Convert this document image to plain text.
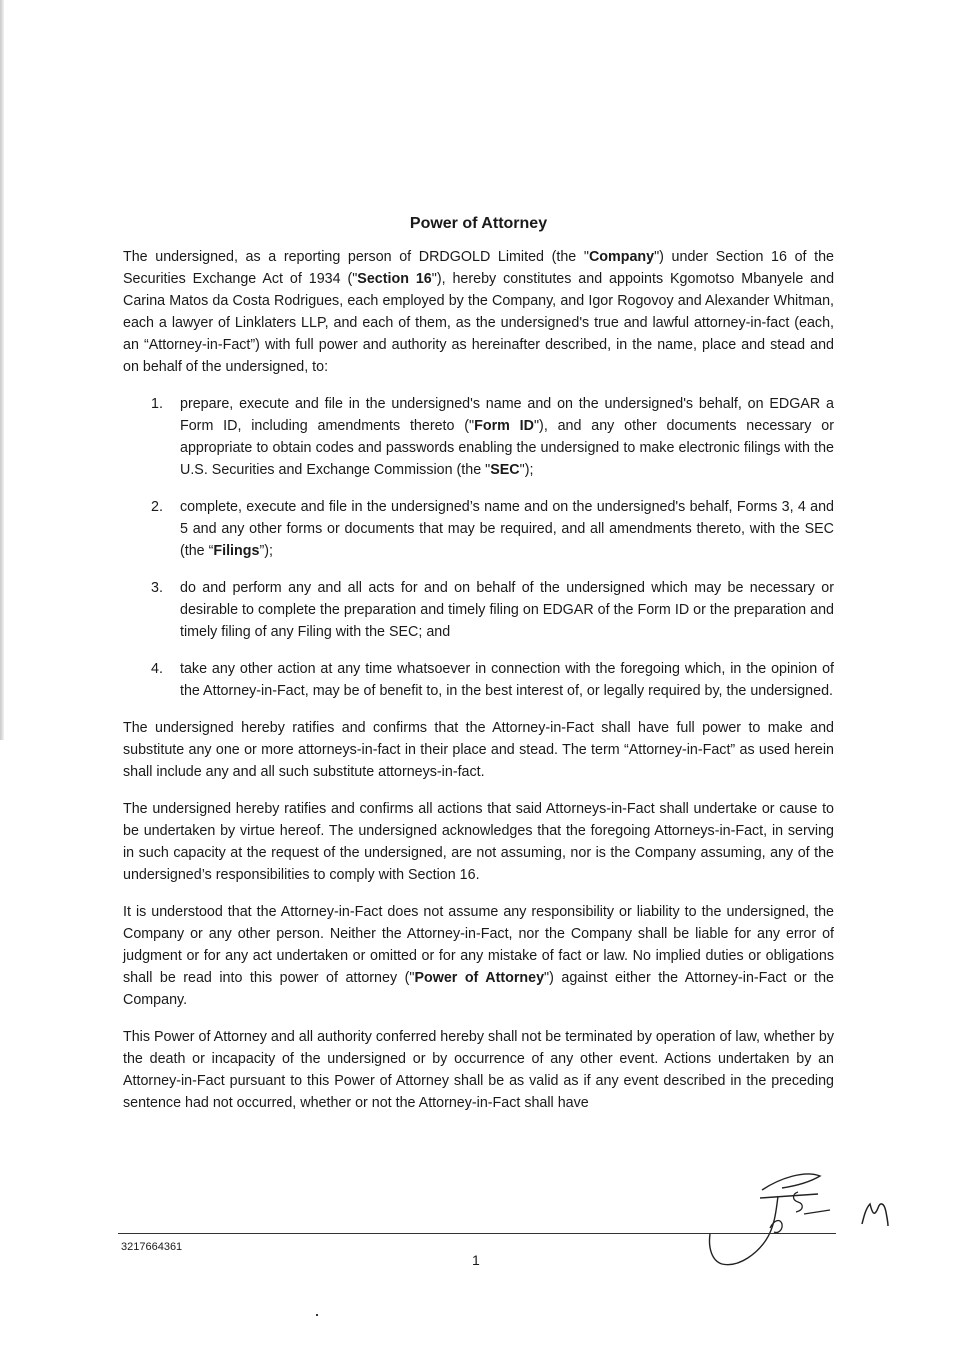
Power of Attorney

The undersigned, as a reporting person of DRDGOLD Limited (the "Company") under Section 16 of the Securities Exchange Act of 1934 ("Section 16"), hereby constitutes and appoints Kgomotso Mbanyele and Carina Matos da Costa Rodrigues, each employed by the Company, and Igor Rogovoy and Alexander Whitman, each a lawyer of Linklaters LLP, and each of them, as the undersigned's true and lawful attorney-in-fact (each, an “Attorney-in-Fact”) with full power and authority as hereinafter described, in the name, place and stead and on behalf of the undersigned, to:

1. prepare, execute and file in the undersigned's name and on the undersigned's behalf, on EDGAR a Form ID, including amendments thereto ("Form ID"), and any other documents necessary or appropriate to obtain codes and passwords enabling the undersigned to make electronic filings with the U.S. Securities and Exchange Commission (the "SEC");
2. complete, execute and file in the undersigned’s name and on the undersigned's behalf, Forms 3, 4 and 5 and any other forms or documents that may be required, and all amendments thereto, with the SEC (the “Filings”);
3. do and perform any and all acts for and on behalf of the undersigned which may be necessary or desirable to complete the preparation and timely filing on EDGAR of the Form ID or the preparation and timely filing of any Filing with the SEC; and
4. take any other action at any time whatsoever in connection with the foregoing which, in the opinion of the Attorney-in-Fact, may be of benefit to, in the best interest of, or legally required by, the undersigned.

The undersigned hereby ratifies and confirms that the Attorney-in-Fact shall have full power to make and substitute any one or more attorneys-in-fact in their place and stead. The term “Attorney-in-Fact” as used herein shall include any and all such substitute attorneys-in-fact.

The undersigned hereby ratifies and confirms all actions that said Attorneys-in-Fact shall undertake or cause to be undertaken by virtue hereof. The undersigned acknowledges that the foregoing Attorneys-in-Fact, in serving in such capacity at the request of the undersigned, are not assuming, nor is the Company assuming, any of the undersigned’s responsibilities to comply with Section 16.

It is understood that the Attorney-in-Fact does not assume any responsibility or liability to the undersigned, the Company or any other person. Neither the Attorney-in-Fact, nor the Company shall be liable for any error of judgment or for any act undertaken or omitted or for any mistake of fact or law. No implied duties or obligations shall be read into this power of attorney ("Power of Attorney") against either the Attorney-in-Fact or the Company.

This Power of Attorney and all authority conferred hereby shall not be terminated by operation of law, whether by the death or incapacity of the undersigned or by occurrence of any other event. Actions undertaken by an Attorney-in-Fact pursuant to this Power of Attorney shall be as valid as if any event described in the preceding sentence had not occurred, whether or not the Attorney-in-Fact shall have

3217664361
1
